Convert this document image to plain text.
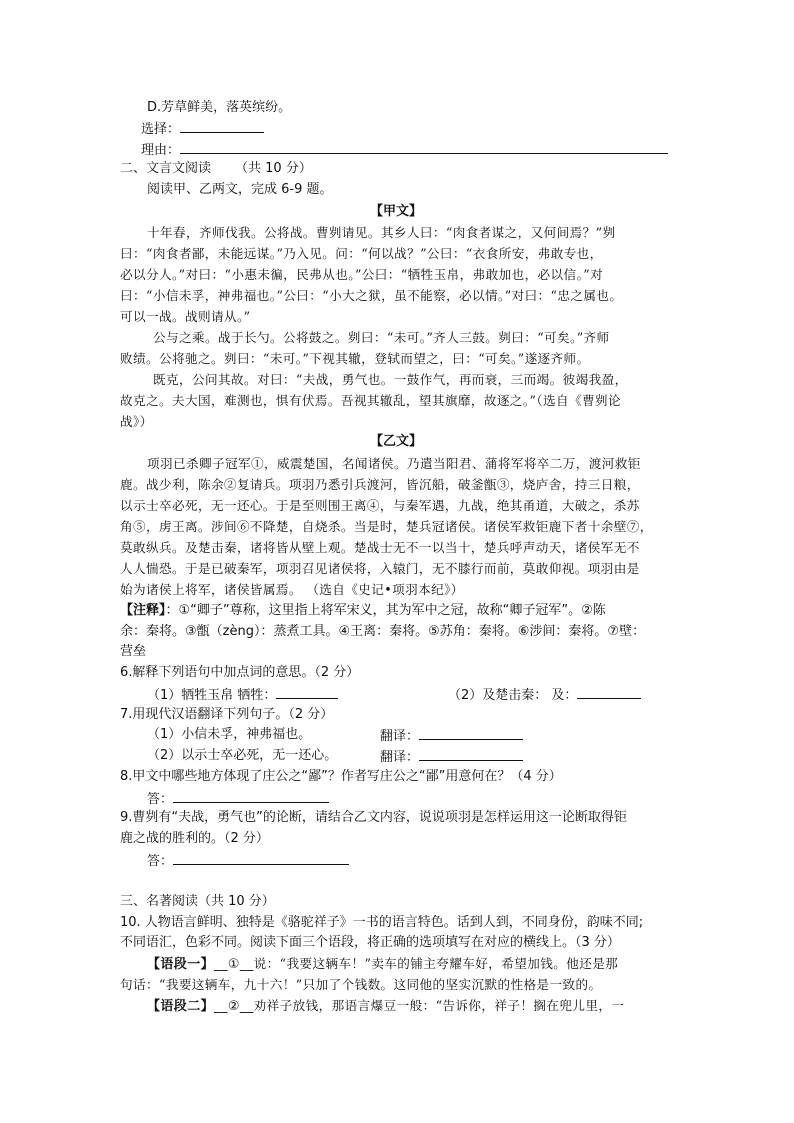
D.芳草鲜美，落英缤纷。
选择：
理由：
二、文言文阅读 （共 10 分）
阅读甲、乙两文，完成 6-9 题。
【甲文】
十年春，齐师伐我。公将战。曹刿请见。其乡人曰：“肉食者谋之，又何间焉？”刿
曰：“肉食者鄙，未能远谋。”乃入见。问：“何以战？”公曰：“衣食所安，弗敢专也，
必以分人。”对曰：“小惠未徧，民弗从也。”公曰：“牺牲玉帛，弗敢加也，必以信。”对
曰：“小信未孚，神弗福也。”公曰：“小大之狱，虽不能察，必以情。”对曰：“忠之属也。
可以一战。战则请从。”
公与之乘。战于长勺。公将鼓之。刿曰：“未可。”齐人三鼓。刿曰：“可矣。”齐师
败绩。公将驰之。刿曰：“未可。”下视其辙，登轼而望之，曰：“可矣。”遂逐齐师。
既克，公问其故。对曰：“夫战，勇气也。一鼓作气，再而衰，三而竭。彼竭我盈，
故克之。夫大国，难测也，惧有伏焉。吾视其辙乱，望其旗靡，故逐之。”（选自《曹刿论
战》）
【乙文】
项羽已杀卿子冠军①，威震楚国，名闻诸侯。乃遣当阳君、蒲将军将卒二万，渡河救钜
鹿。战少利，陈余②复请兵。项羽乃悉引兵渡河，皆沉船，破釜甑③，烧庐舍，持三日粮，
以示士卒必死，无一还心。于是至则围王离④，与秦军遇，九战，绝其甬道，大破之，杀苏
角⑤，虏王离。涉间⑥不降楚，自烧杀。当是时，楚兵冠诸侯。诸侯军救钜鹿下者十余壁⑦，
莫敢纵兵。及楚击秦，诸将皆从壁上观。楚战士无不一以当十，楚兵呼声动天，诸侯军无不
人人惴恐。于是已破秦军，项羽召见诸侯将，入辕门，无不膝行而前，莫敢仰视。项羽由是
始为诸侯上将军，诸侯皆属焉。 （选自《史记•项羽本纪》）
【注释】：①“卿子”尊称，这里指上将军宋义，其为军中之冠，故称“卿子冠军”。②陈
余：秦将。③甑（zèng）：蒸煮工具。④王离：秦将。⑤苏角：秦将。⑥涉间：秦将。⑦壁：
营垒
6.解释下列语句中加点词的意思。（2 分）
（1）牺牲玉帛 牺牲：	（2）及楚击秦： 及：
7.用现代汉语翻译下列句子。（2 分）
（1）小信未孚，神弗福也。	翻译：
（2）以示士卒必死，无一还心。	翻译：
8.甲文中哪些地方体现了庄公之“鄙”？作者写庄公之“鄙”用意何在？（4 分）
答：
9.曹刿有“夫战，勇气也”的论断，请结合乙文内容，说说项羽是怎样运用这一论断取得钜
鹿之战的胜利的。（2 分）
答：
三、名著阅读（共 10 分）
10. 人物语言鲜明、独特是《骆驼祥子》一书的语言特色。话到人到，不同身份，韵味不同;
不同语汇，色彩不同。阅读下面三个语段，将正确的选项填写在对应的横线上。（3 分）
【语段一】__①__说：“我要这辆车！”卖车的铺主夸耀车好，希望加钱。他还是那
句话：“我要这辆车，九十六！”只加了个钱数。这同他的坚实沉默的性格是一致的。
【语段二】__②__劝祥子放钱，那语言爆豆一般：“告诉你，祥子！搁在兜儿里，一
